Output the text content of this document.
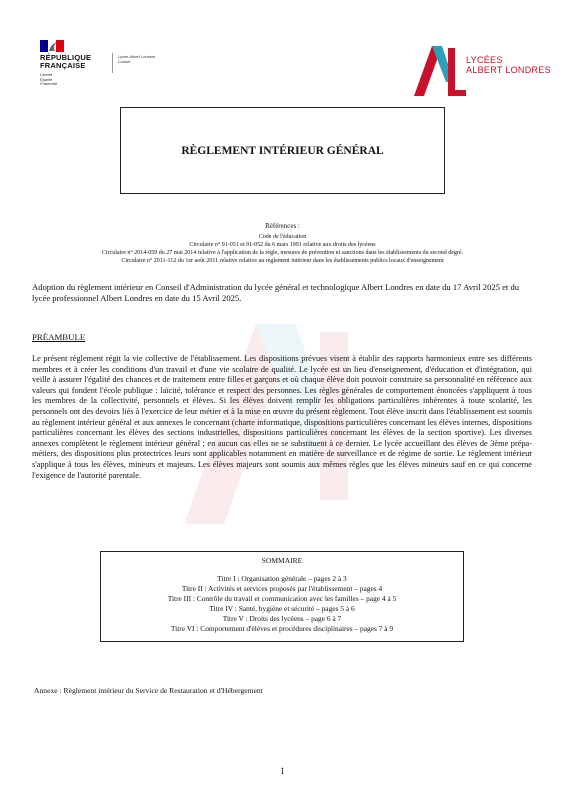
RÉPUBLIQUE
FRANÇAISE
Liberté
Égalité
Fraternité
Lycée Albert Londres
Cusset	LYCÉES
ALBERT LONDRES
RÈGLEMENT INTÉRIEUR GÉNÉRAL
Références :
Code de l'éducation
Circulaire n° 91-051 et 91-052 du 6 mars 1991 relative aux droits des lycéens
Circulaire n° 2014-059 du 27 mai 2014 relative à l'application de la règle, mesures de prévention et sanctions dans les établissements du second degré.
Circulaire n° 2011-112 du 1er août 2011 relative relative au règlement intérieur dans les établissements publics locaux d'enseignement
Adoption du règlement intérieur en Conseil d'Administration du lycée général et technologique Albert Londres en date du 17 Avril 2025 et du lycée professionnel Albert Londres en date du 15 Avril 2025.
PRÉAMBULE
Le présent règlement régit la vie collective de l'établissement. Les dispositions prévues visent à établir des rapports harmonieux entre ses différents membres et à créer les conditions d'un travail et d'une vie scolaire de qualité. Le lycée est un lieu d'enseignement, d'éducation et d'intégration, qui veille à assurer l'égalité des chances et de traitement entre filles et garçons et où chaque élève doit pouvoir construire sa personnalité en référence aux valeurs qui fondent l'école publique : laïcité, tolérance et respect des personnes. Les règles générales de comportement énoncées s'appliquent à tous les membres de la collectivité, personnels et élèves. Si les élèves doivent remplir les obligations particulières inhérentes à toute scolarité, les personnels ont des devoirs liés à l'exercice de leur métier et à la mise en œuvre du présent règlement. Tout élève inscrit dans l'établissement est soumis au règlement intérieur général et aux annexes le concernant (charte informatique, dispositions particulières concernant les élèves internes, dispositions particulières concernant les élèves des sections industrielles, dispositions particulières concernant les élèves de la section sportive). Les diverses annexes complètent le règlement intérieur général ; en aucun cas elles ne se substituent à ce dernier. Le lycée accueillant des élèves de 3ème prépa-métiers, des dispositions plus protectrices leurs sont applicables notamment en matière de surveillance et de régime de sortie. Le règlement intérieur s'applique à tous les élèves, mineurs et majeurs. Les élèves majeurs sont soumis aux mêmes règles que les élèves mineurs sauf en ce qui concerne l'exigence de l'autorité parentale.
SOMMAIRE
Titre I : Organisation générale – pages 2 à 3
Titre II : Activités et services proposés par l'établissement – pages 4
Titre III : Contrôle du travail et communication avec les familles – page 4 à 5
Titre IV : Santé, hygiène et sécurité – pages 5 à 6
Titre V : Droits des lycéens – page 6 à 7
Titre VI : Comportement d'élèves et procédures disciplinaires – pages 7 à 9
Annexe : Règlement intérieur du Service de Restauration et d'Hébergement
1
